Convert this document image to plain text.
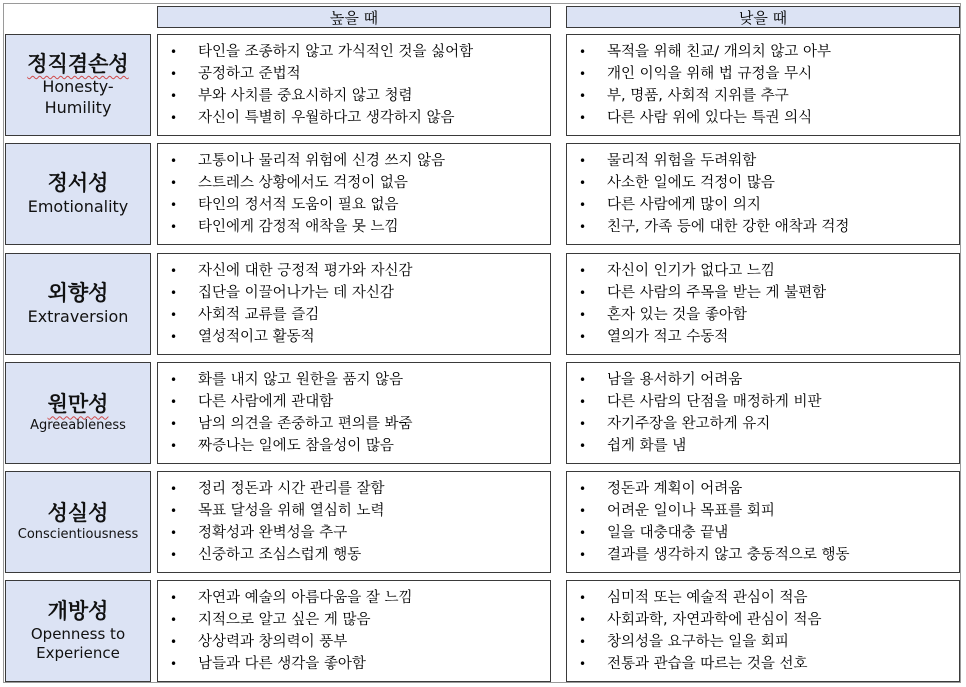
높을 때	낮을 때
정직겸손성
Honesty-
Humility
• 타인을 조종하지 않고 가식적인 것을 싫어함
• 공정하고 준법적
• 부와 사치를 중요시하지 않고 청렴
• 자신이 특별히 우월하다고 생각하지 않음
• 목적을 위해 친교/ 개의치 않고 아부
• 개인 이익을 위해 법 규정을 무시
• 부, 명품, 사회적 지위를 추구
• 다른 사람 위에 있다는 특권 의식
정서성
Emotionality
• 고통이나 물리적 위험에 신경 쓰지 않음
• 스트레스 상황에서도 걱정이 없음
• 타인의 정서적 도움이 필요 없음
• 타인에게 감정적 애착을 못 느낌
• 물리적 위험을 두려워함
• 사소한 일에도 걱정이 많음
• 다른 사람에게 많이 의지
• 친구, 가족 등에 대한 강한 애착과 걱정
외향성
Extraversion
• 자신에 대한 긍정적 평가와 자신감
• 집단을 이끌어나가는 데 자신감
• 사회적 교류를 즐김
• 열성적이고 활동적
• 자신이 인기가 없다고 느낌
• 다른 사람의 주목을 받는 게 불편함
• 혼자 있는 것을 좋아함
• 열의가 적고 수동적
원만성
Agreeableness
• 화를 내지 않고 원한을 품지 않음
• 다른 사람에게 관대함
• 남의 의견을 존중하고 편의를 봐줌
• 짜증나는 일에도 참을성이 많음
• 남을 용서하기 어려움
• 다른 사람의 단점을 매정하게 비판
• 자기주장을 완고하게 유지
• 쉽게 화를 냄
성실성
Conscientiousness
• 정리 정돈과 시간 관리를 잘함
• 목표 달성을 위해 열심히 노력
• 정확성과 완벽성을 추구
• 신중하고 조심스럽게 행동
• 정돈과 계획이 어려움
• 어려운 일이나 목표를 회피
• 일을 대충대충 끝냄
• 결과를 생각하지 않고 충동적으로 행동
개방성
Openness to
Experience
• 자연과 예술의 아름다움을 잘 느낌
• 지적으로 알고 싶은 게 많음
• 상상력과 창의력이 풍부
• 남들과 다른 생각을 좋아함
• 심미적 또는 예술적 관심이 적음
• 사회과학, 자연과학에 관심이 적음
• 창의성을 요구하는 일을 회피
• 전통과 관습을 따르는 것을 선호
